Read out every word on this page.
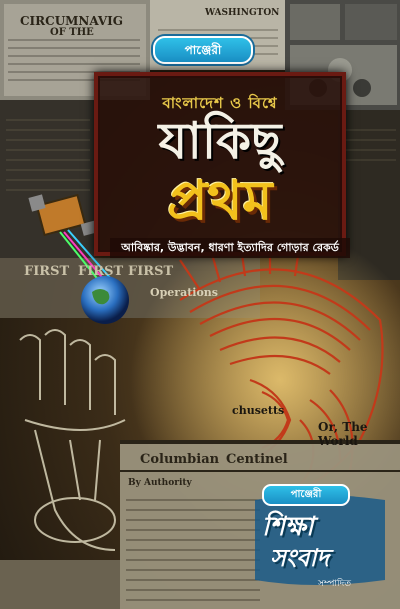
CIRCUMNAVIG
OF THE
WASHINGTON
FIRST FIRST FIRST
Operations
Columbian Centinel
Or, The World
By Authority
chusetts
পাঞ্জেরী
বাংলাদেশ ও বিশ্বে
যাকিছু
প্রথম
আবিষ্কার, উদ্ভাবন, ধারণা ইত্যাদির গোড়ার রেকর্ড
পাঞ্জেরী
শিক্ষা
সংবাদ
সম্পাদিত
